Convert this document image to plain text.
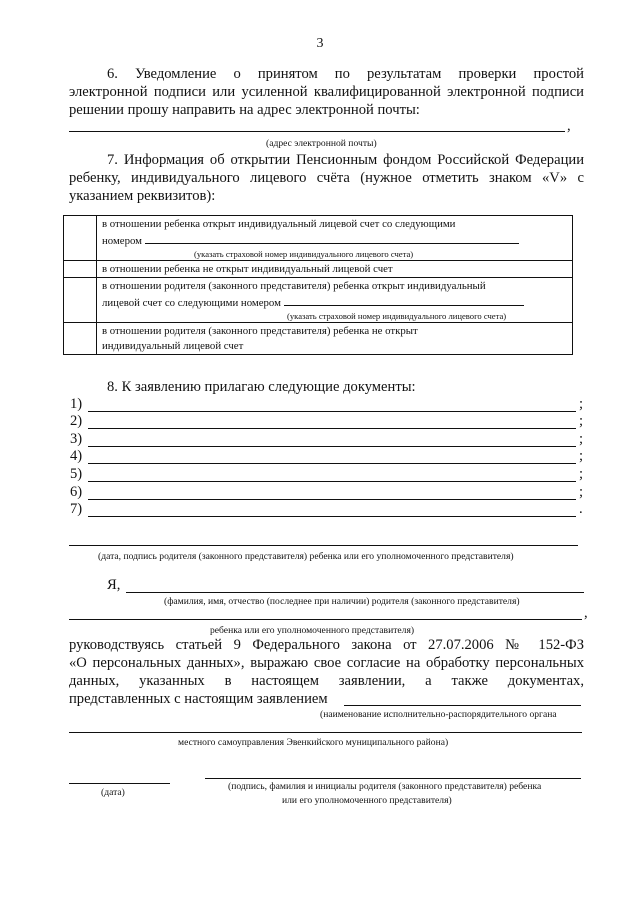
3
6. Уведомление о принятом по результатам проверки простой
электронной подписи или усиленной квалифицированной электронной подписи
решении прошу направить на адрес электронной почты:
,
(адрес электронной почты)
7. Информация об открытии Пенсионным фондом Российской Федерации
ребенку, индивидуального лицевого счёта (нужное отметить знаком «V» с
указанием реквизитов):

	в отношении ребенка открыт индивидуальный лицевой счет со следующими
номером
(указать страховой номер индивидуального лицевого счета)

	в отношении ребенка не открыт индивидуальный лицевой счет

	в отношении родителя (законного представителя) ребенка открыт индивидуальный
лицевой счет со следующими номером
(указать страховой номер индивидуального лицевого счета)

	в отношении родителя (законного представителя) ребенка не открыт
индивидуальный лицевой счет
8. К заявлению прилагаю следующие документы:
1)	;
2)	;
3)	;
4)	;
5)	;
6)	;
7)	.
(дата, подпись родителя (законного представителя) ребенка или его уполномоченного представителя)
Я,
(фамилия, имя, отчество (последнее при наличии) родителя (законного представителя)
,
ребенка или его уполномоченного представителя)
руководствуясь статьей 9 Федерального закона от 27.07.2006 № 152-ФЗ
«О персональных данных», выражаю свое согласие на обработку персональных
данных, указанных в настоящем заявлении, а также документах,
представленных с настоящим заявлением
(наименование исполнительно-распорядительного органа
местного самоуправления Эвенкийского муниципального района)
(дата)
(подпись, фамилия и инициалы родителя (законного представителя) ребенка
или его уполномоченного представителя)
